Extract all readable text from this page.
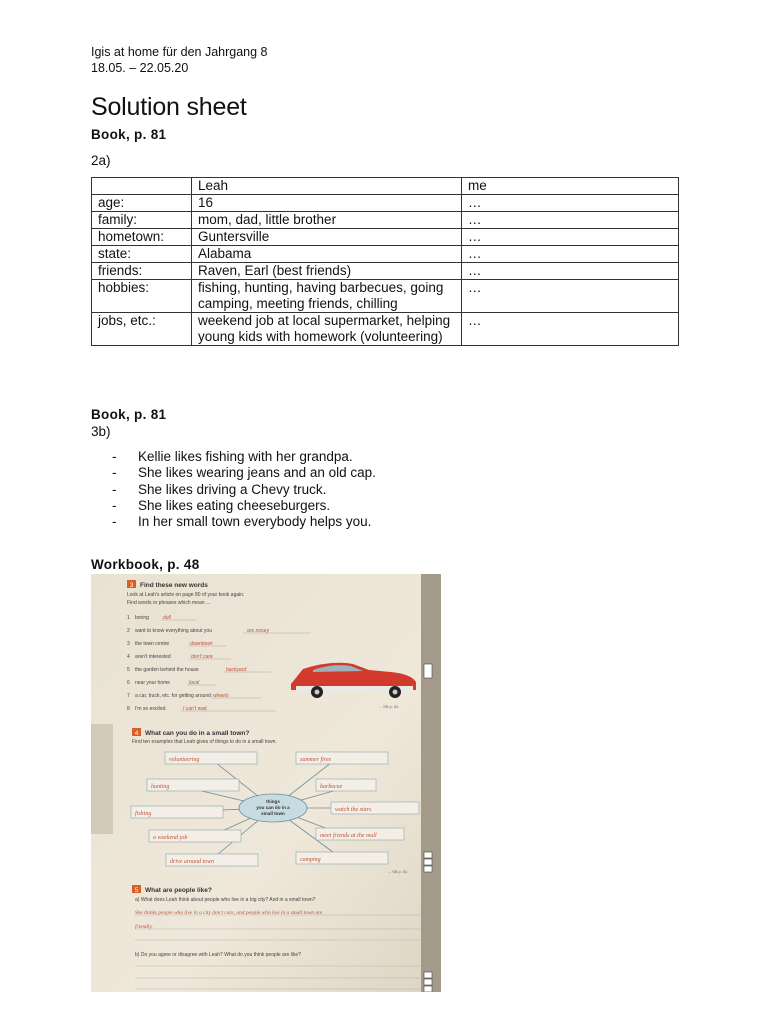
Igis at home für den Jahrgang 8
18.05. – 22.05.20
Solution sheet
Book, p. 81
2a)
	Leah	me
age:	16	…
family:	mom, dad, little brother	…
hometown:	Guntersville	…
state:	Alabama	…
friends:	Raven, Earl (best friends)	…
hobbies:	fishing, hunting, having barbecues, going camping, meeting friends, chilling	…
jobs, etc.:	weekend job at local supermarket, helping young kids with homework (volunteering)	…
Book, p. 81
3b)
- Kellie likes fishing with her grandpa.
- She likes wearing jeans and an old cap.
- She likes driving a Chevy truck.
- She likes eating cheeseburgers.
- In her small town everybody helps you.
Workbook, p. 48
3 Find these new words
Look at Leah's article on page 80 of your book again.
Find words or phrases which mean ...
1 boring	dull
2 want to know everything about you	are nosey
3 the town centre	downtown
4 aren't interested	don't care
5 the garden behind the house	backyard
6 near your home	local
7 a car, truck, etc. for getting around wheels
8 I'm so excited.	I can't wait.	→ SB p. 81
4 What can you do in a small town?
Find ten examples that Leah gives of things to do in a small town.
things
you can do in a
small town
volunteering	summer fires
hunting	barbecue
fishing
watch the stars
a weekend job	meet friends at the mall
drive around town	camping
→ SB p. 81
5 What are people like?
a) What does Leah think about people who live in a big city? And in a small town?
She thinks people who live in a city don't care, and people who live in a small town are
friendly.
b) Do you agree or disagree with Leah? What do you think people are like?
